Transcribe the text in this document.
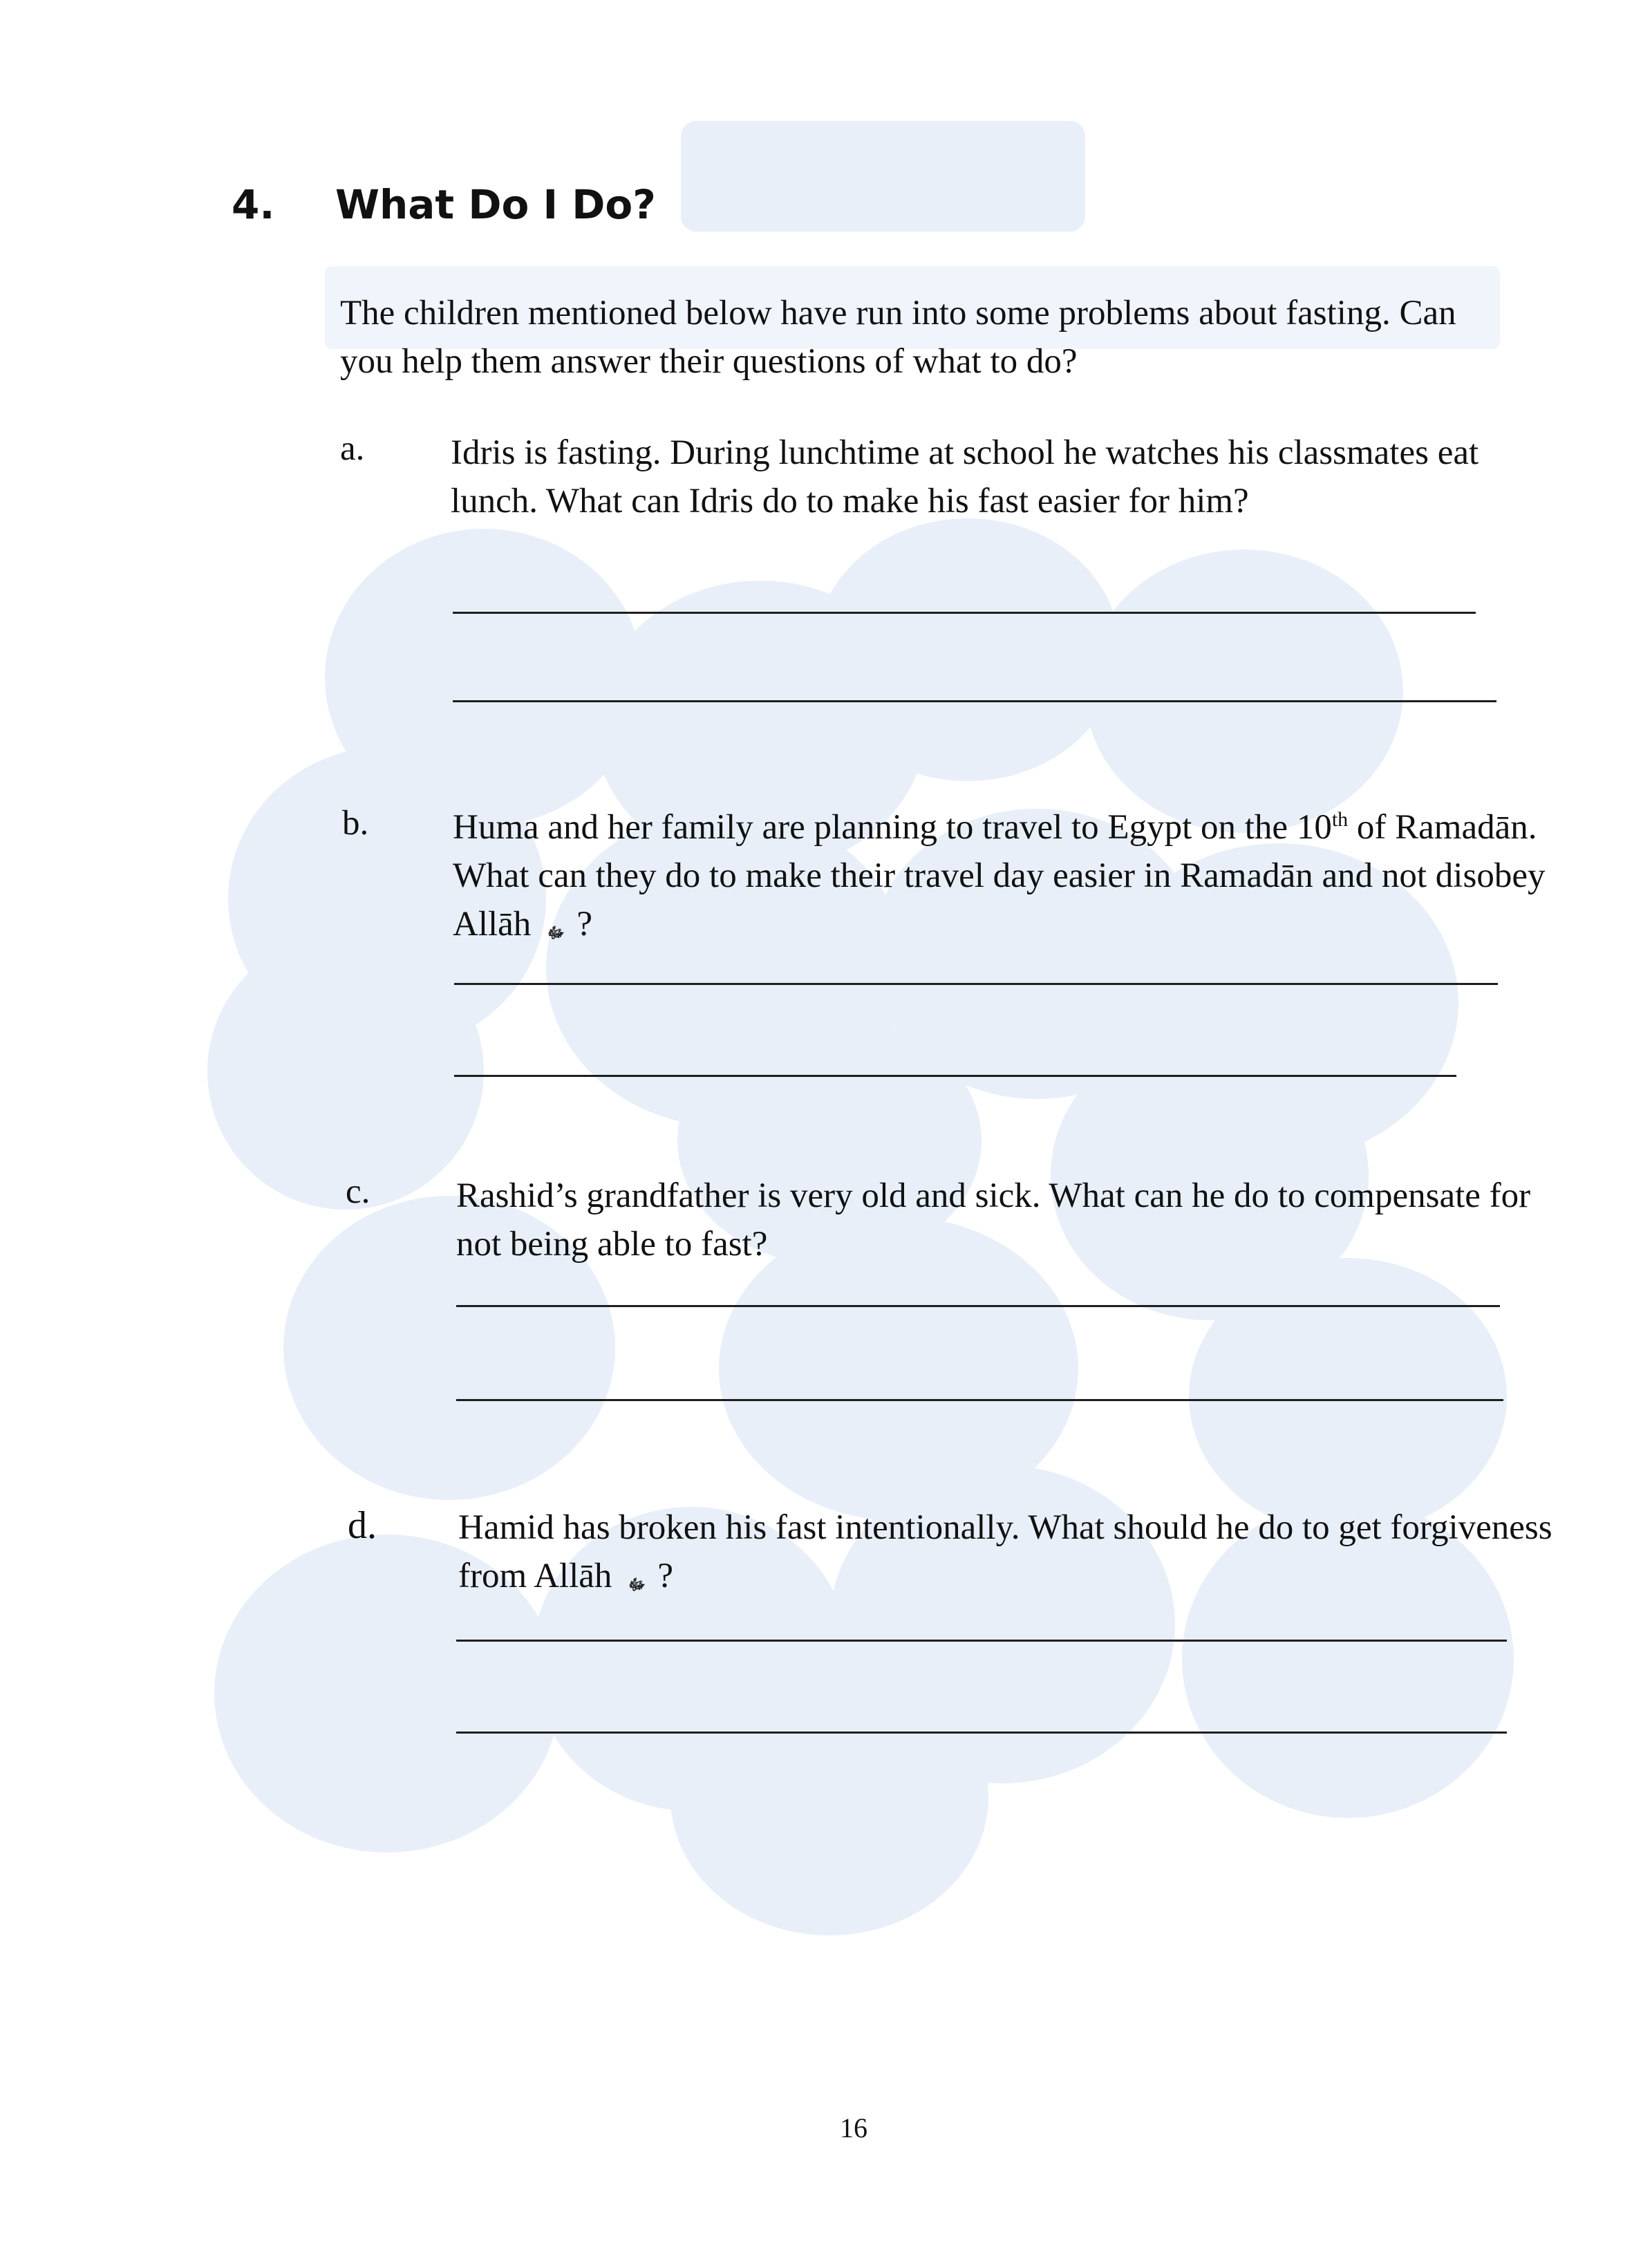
4. What Do I Do?
The children mentioned below have run into some problems about fasting. Can you help them answer their questions of what to do?
a. Idris is fasting. During lunchtime at school he watches his classmates eat lunch. What can Idris do to make his fast easier for him?
b. Huma and her family are planning to travel to Egypt on the 10th of Ramadān. What can they do to make their travel day easier in Ramadān and not disobey Allāh ﷻ ?
c. Rashid’s grandfather is very old and sick. What can he do to compensate for not being able to fast?
d. Hamid has broken his fast intentionally. What should he do to get forgiveness from Allāh ﷻ ?
16
